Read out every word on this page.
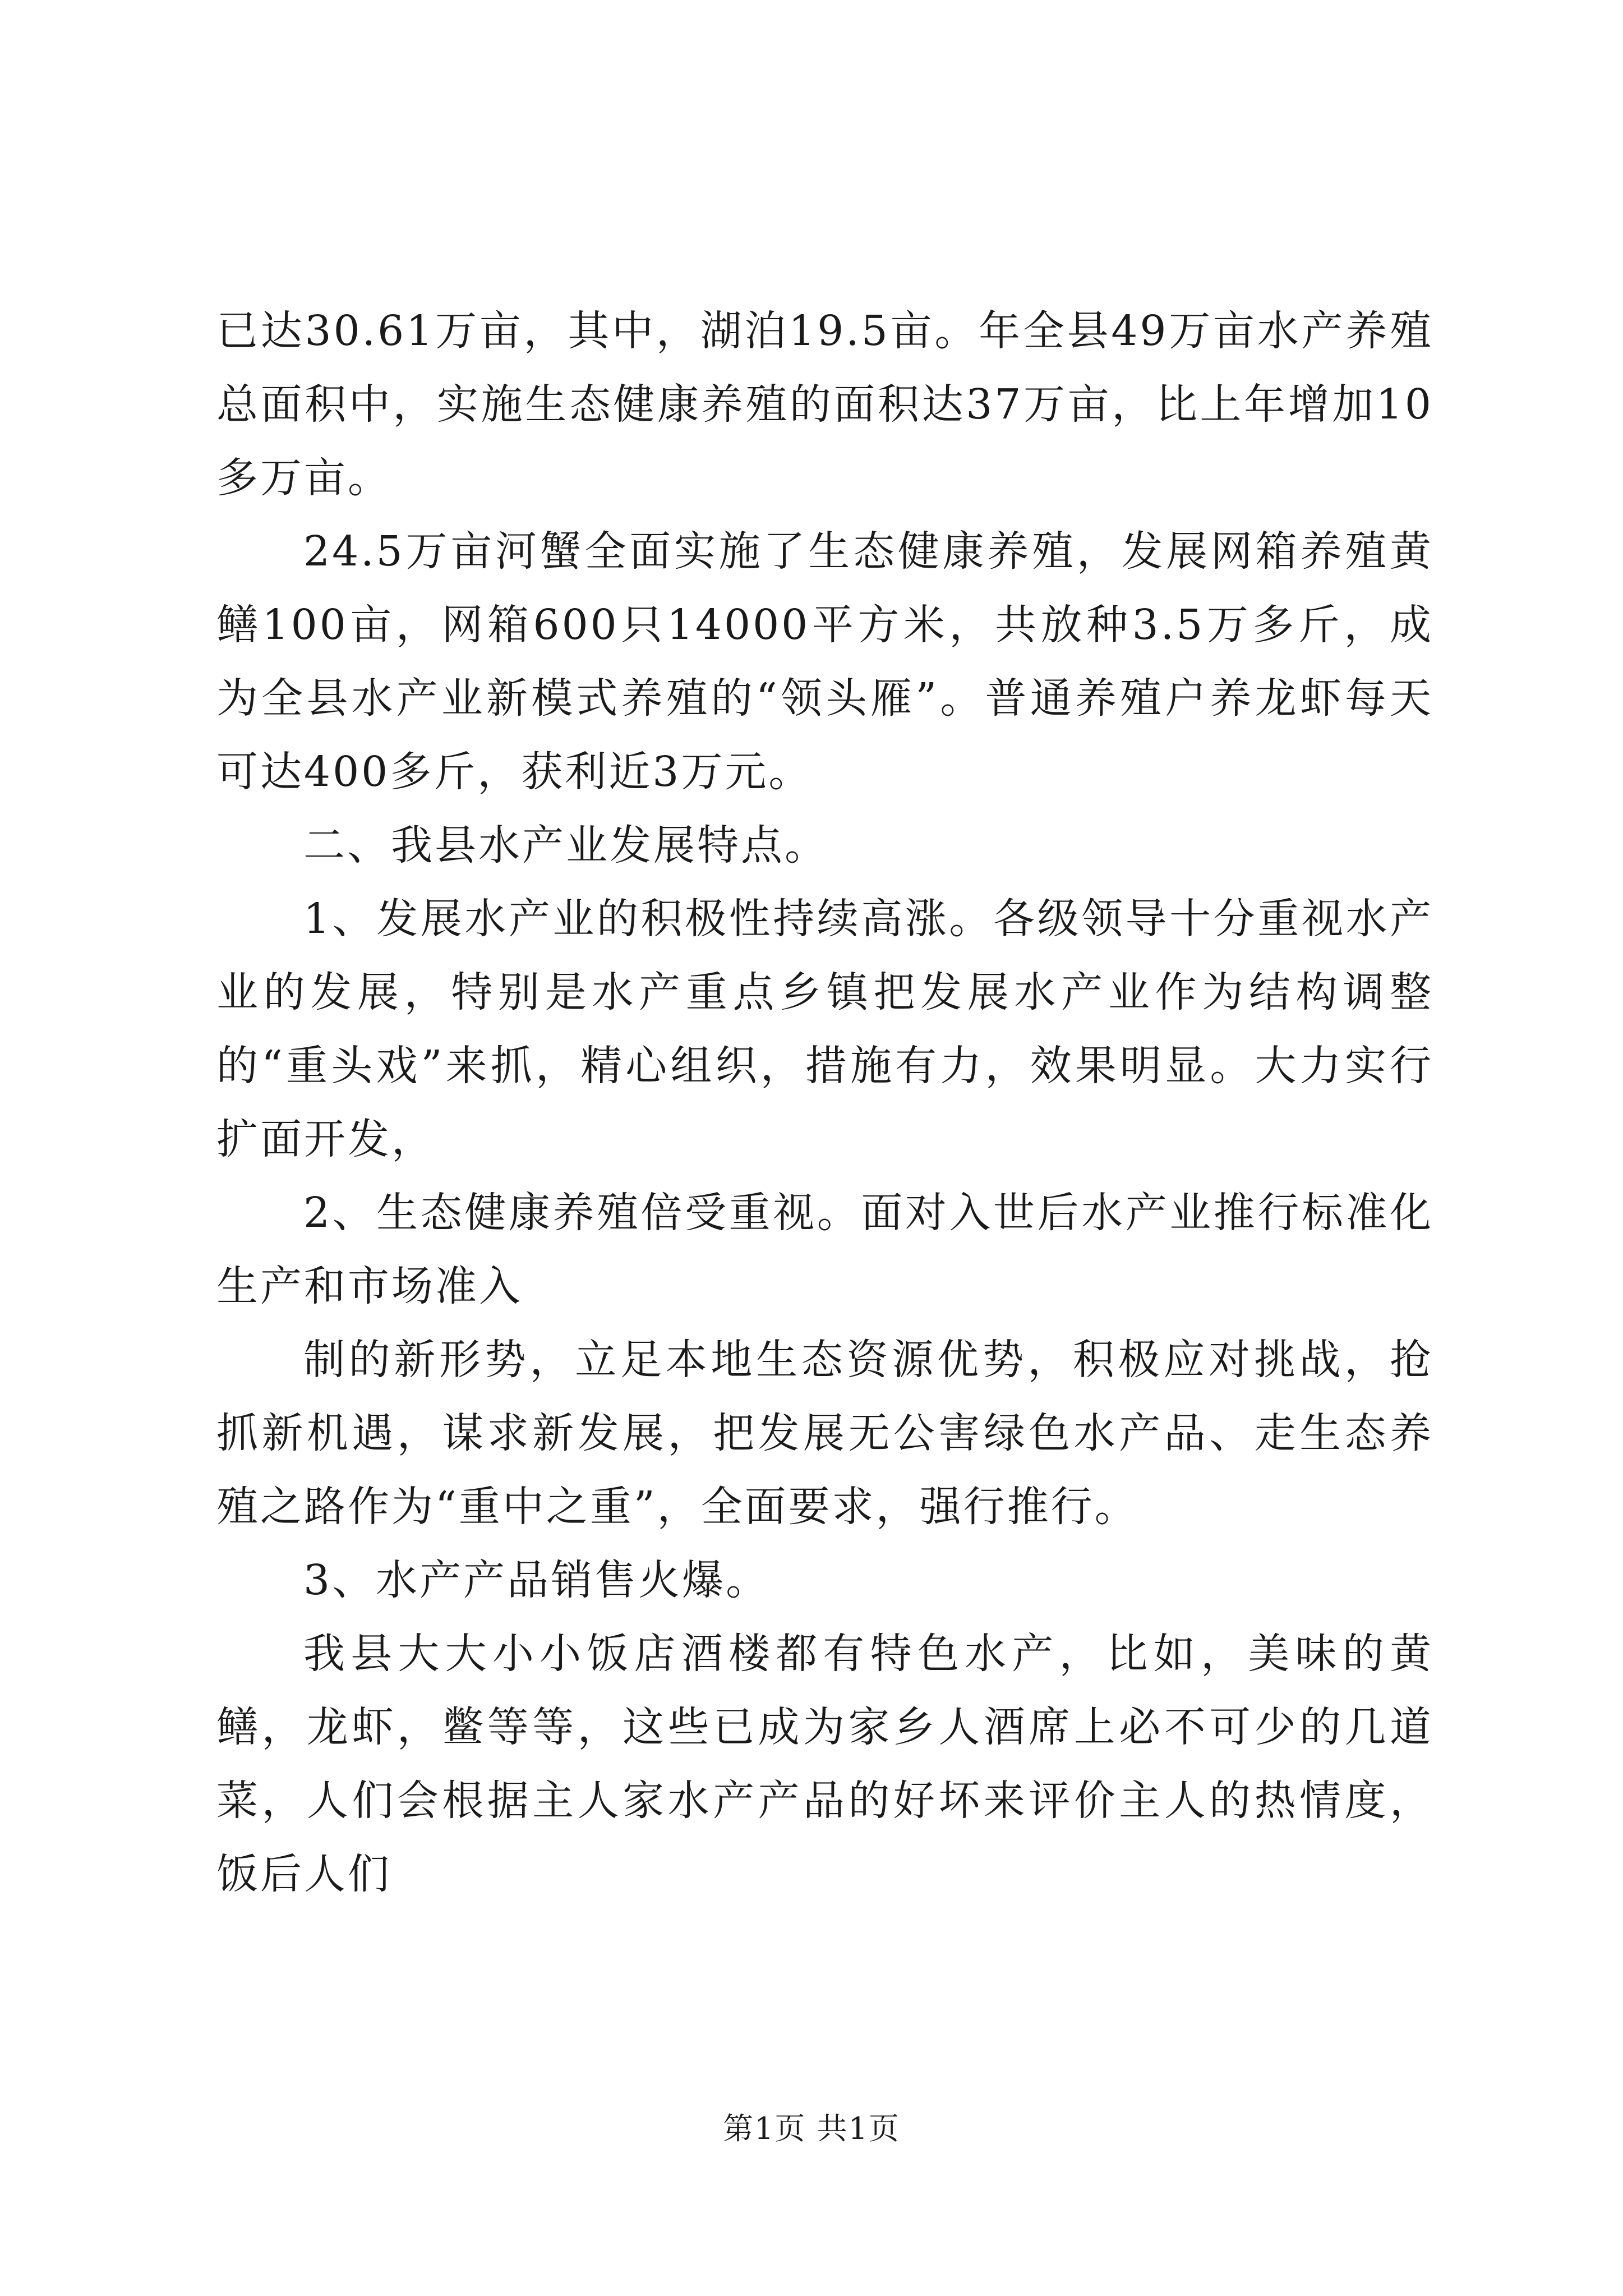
已达30.61万亩，其中，湖泊19.5亩。年全县49万亩水产养殖总面积中，实施生态健康养殖的面积达37万亩，比上年增加10多万亩。

24.5万亩河蟹全面实施了生态健康养殖，发展网箱养殖黄鳝100亩，网箱600只14000平方米，共放种3.5万多斤，成为全县水产业新模式养殖的“领头雁”。普通养殖户养龙虾每天可达400多斤，获利近3万元。

二、我县水产业发展特点。

1、发展水产业的积极性持续高涨。各级领导十分重视水产业的发展，特别是水产重点乡镇把发展水产业作为结构调整的“重头戏”来抓，精心组织，措施有力，效果明显。大力实行扩面开发，

2、生态健康养殖倍受重视。面对入世后水产业推行标准化生产和市场准入

制的新形势，立足本地生态资源优势，积极应对挑战，抢抓新机遇，谋求新发展，把发展无公害绿色水产品、走生态养殖之路作为“重中之重”，全面要求，强行推行。

3、水产产品销售火爆。

我县大大小小饭店酒楼都有特色水产，比如，美味的黄鳝，龙虾，鳖等等，这些已成为家乡人酒席上必不可少的几道菜，人们会根据主人家水产产品的好坏来评价主人的热情度，饭后人们

第1页 共1页
